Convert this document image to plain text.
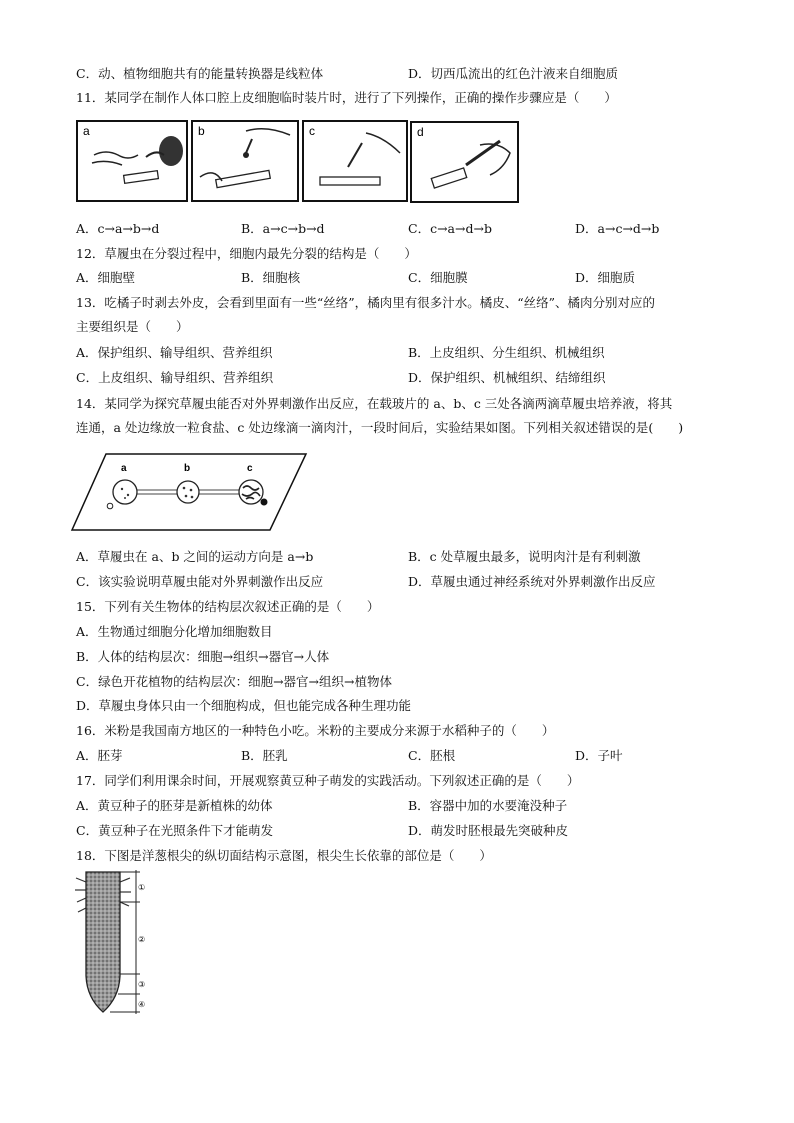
C．动、植物细胞共有的能量转换器是线粒体	D．切西瓜流出的红色汁液来自细胞质
11．某同学在制作人体口腔上皮细胞临时装片时，进行了下列操作，正确的操作步骤应是（　　）
a	b	c	d
A．c→a→b→d	B．a→c→b→d	C．c→a→d→b	D．a→c→d→b
12．草履虫在分裂过程中，细胞内最先分裂的结构是（　　）
A．细胞壁	B．细胞核	C．细胞膜	D．细胞质
13．吃橘子时剥去外皮，会看到里面有一些“丝络”，橘肉里有很多汁水。橘皮、“丝络”、橘肉分别对应的
主要组织是（　　）
A．保护组织、输导组织、营养组织	B．上皮组织、分生组织、机械组织
C．上皮组织、输导组织、营养组织	D．保护组织、机械组织、结缔组织
14．某同学为探究草履虫能否对外界刺激作出反应，在载玻片的 a、b、c 三处各滴两滴草履虫培养液，将其
连通，a 处边缘放一粒食盐、c 处边缘滴一滴肉汁，一段时间后，实验结果如图。下列相关叙述错误的是(　　)
a	b	c
A．草履虫在 a、b 之间的运动方向是 a→b	B．c 处草履虫最多，说明肉汁是有利刺激
C．该实验说明草履虫能对外界刺激作出反应	D．草履虫通过神经系统对外界刺激作出反应
15．下列有关生物体的结构层次叙述正确的是（　　）
A．生物通过细胞分化增加细胞数目
B．人体的结构层次：细胞→组织→器官→人体
C．绿色开花植物的结构层次：细胞→器官→组织→植物体
D．草履虫身体只由一个细胞构成，但也能完成各种生理功能
16．米粉是我国南方地区的一种特色小吃。米粉的主要成分来源于水稻种子的（　　）
A．胚芽	B．胚乳	C．胚根	D．子叶
17．同学们利用课余时间，开展观察黄豆种子萌发的实践活动。下列叙述正确的是（　　）
A．黄豆种子的胚芽是新植株的幼体	B．容器中加的水要淹没种子
C．黄豆种子在光照条件下才能萌发	D．萌发时胚根最先突破种皮
18．下图是洋葱根尖的纵切面结构示意图，根尖生长依靠的部位是（　　）
①
②
③
④
